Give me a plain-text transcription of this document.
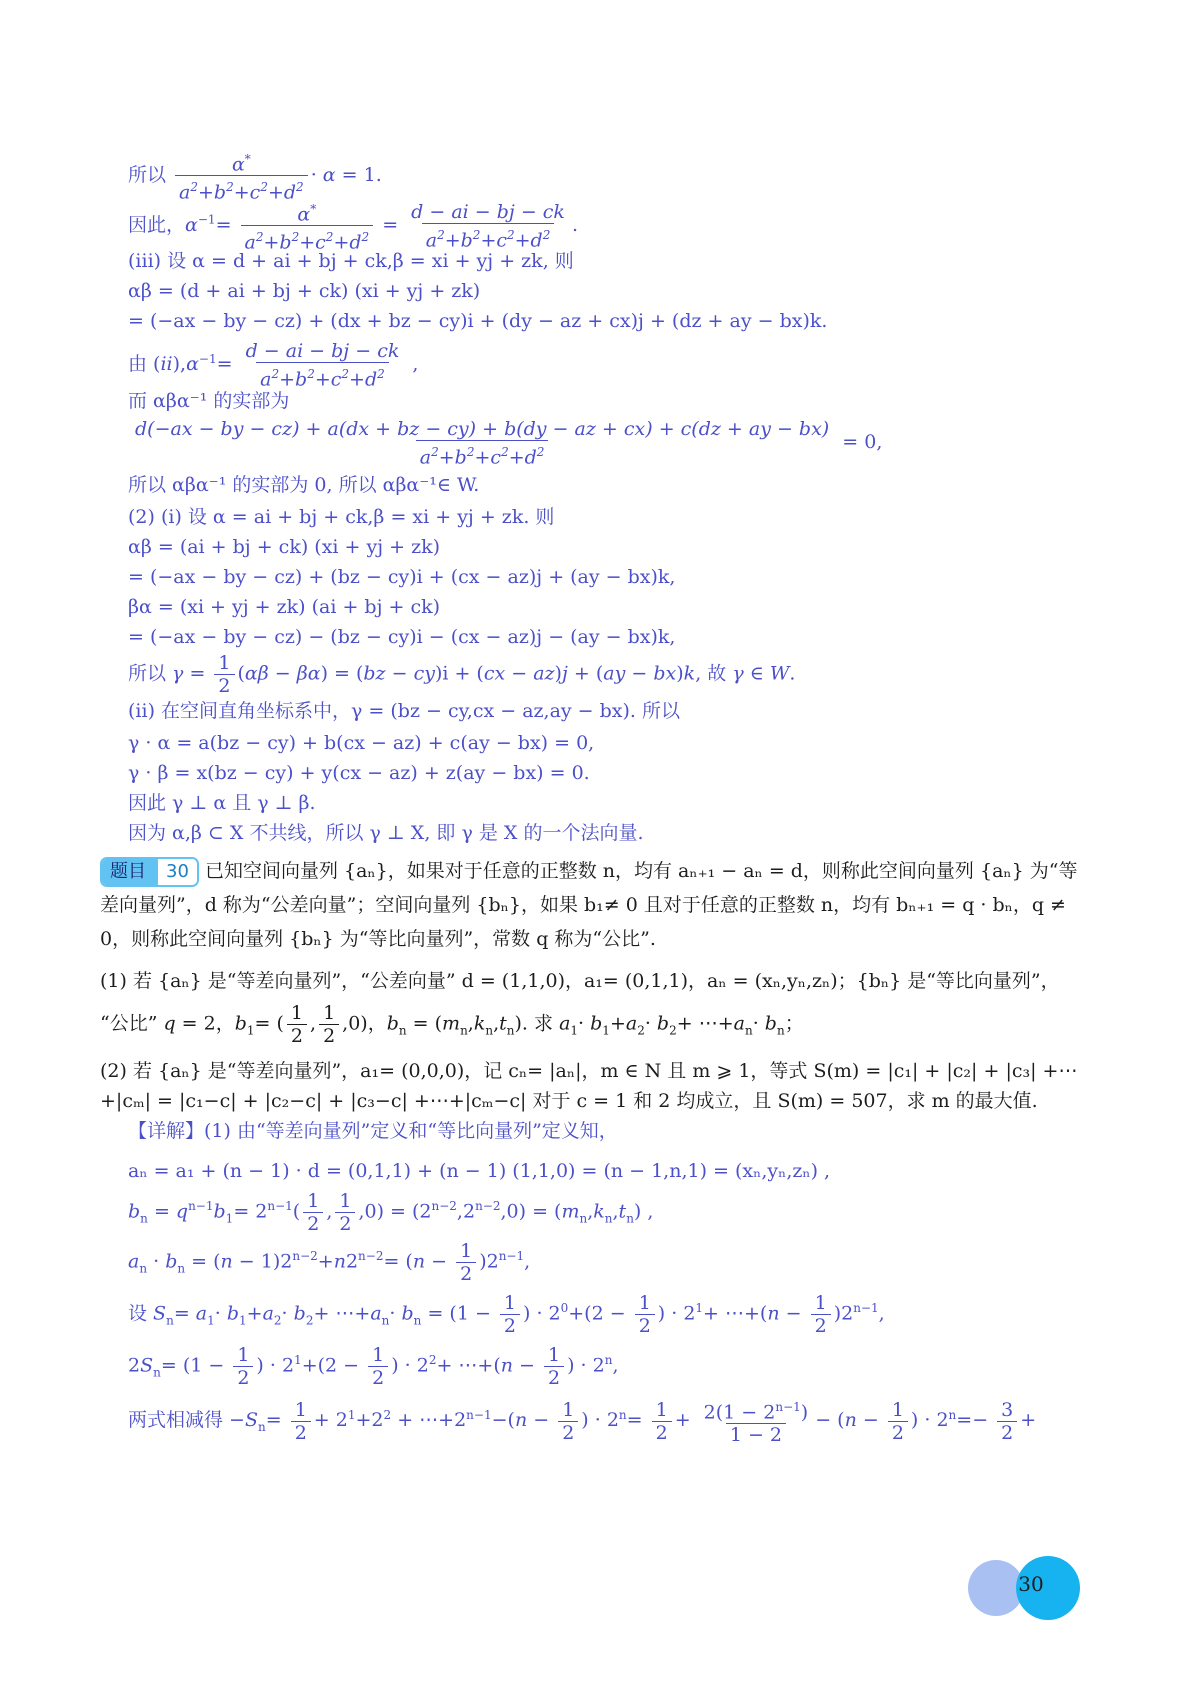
所以 $\frac{\alpha^*}{a^2+b^2+c^2+d^2} \cdot \alpha = 1$.
因此，$\alpha^{-1}= \frac{\alpha^*}{a^2+b^2+c^2+d^2} = \frac{d - ai - bj - ck}{a^2+b^2+c^2+d^2}$ .
(iii) 设 α = d + ai + bj + ck,β = xi + yj + zk, 则
αβ = (d + ai + bj + ck) (xi + yj + zk)
= (−ax − by − cz) + (dx + bz − cy)i + (dy − az + cx)j + (dz + ay − bx)k.
由 $(ii),\alpha^{-1}= \frac{d - ai - bj - ck}{a^2+b^2+c^2+d^2}$ ,
而 αβα⁻¹ 的实部为
d(−ax − by − cz) + a(dx + bz − cy) + b(dy − az + cx) + c(dz + ay − bx)
$a^2+b^2+c^2+d^2$	= 0,
所以 αβα⁻¹ 的实部为 0, 所以 αβα⁻¹∈ W.
(2) (i) 设 α = ai + bj + ck,β = xi + yj + zk. 则
αβ = (ai + bj + ck) (xi + yj + zk)
= (−ax − by − cz) + (bz − cy)i + (cx − az)j + (ay − bx)k,
βα = (xi + yj + zk) (ai + bj + ck)
= (−ax − by − cz) − (bz − cy)i − (cx − az)j − (ay − bx)k,
所以 $\gamma = \frac{1}{2} (\alpha\beta - \beta\alpha) = (bz - cy)i + (cx - az)j + (ay - bx)k$, 故 γ ∈ W.
(ii) 在空间直角坐标系中，γ = (bz − cy,cx − az,ay − bx). 所以
γ · α = a(bz − cy) + b(cx − az) + c(ay − bx) = 0,
γ · β = x(bz − cy) + y(cx − az) + z(ay − bx) = 0.
因此 γ ⊥ α 且 γ ⊥ β.
因为 α,β ⊂ X 不共线，所以 γ ⊥ X, 即 γ 是 X 的一个法向量.
题目	30 已知空间向量列 {aₙ}，如果对于任意的正整数 n，均有 aₙ₊₁ − aₙ = d，则称此空间向量列 {aₙ} 为“等
差向量列”，d 称为“公差向量”；空间向量列 {bₙ}，如果 b₁≠ 0 且对于任意的正整数 n，均有 bₙ₊₁ = q · bₙ，q ≠
0，则称此空间向量列 {bₙ} 为“等比向量列”，常数 q 称为“公比”.
(1) 若 {aₙ} 是“等差向量列”，“公差向量” d = (1,1,0)，a₁= (0,1,1)，aₙ = (xₙ,yₙ,zₙ)；{bₙ} 是“等比向量列”，
“公比” q = 2，$b_1=$ ( $\frac{1}{2}$ , $\frac{1}{2} ,0$)，$b_n = (m_n,k_n,t_n)$. 求 $a_1\cdot b_1+a_2\cdot b_2+$ $\cdots+a_n\cdot b_n$；
(2) 若 {aₙ} 是“等差向量列”，a₁= (0,0,0)，记 cₙ= |aₙ|，m ∈ N 且 m ⩾ 1，等式 S(m) = |c₁| + |c₂| + |c₃| +⋯
+|cₘ| = |c₁−c| + |c₂−c| + |c₃−c| +⋯+|cₘ−c| 对于 c = 1 和 2 均成立，且 S(m) = 507，求 m 的最大值.
【详解】(1) 由“等差向量列”定义和“等比向量列”定义知，
aₙ = a₁ + (n − 1) · d = (0,1,1) + (n − 1) (1,1,0) = (n − 1,n,1) = (xₙ,yₙ,zₙ) ,
$b_n = q^{n-1}b_1= 2^{n-1}( \frac{1}{2}$ , $\frac{1}{2} ,0) = (2^{n-2},2^{n-2},0) = (m_n,k_n,t_n)$ ,
$a_n \cdot b_n = (n - 1)2^{n-2}+n2^{n-2}= (n - \frac{1}{2} )2^{n-1}$,
设 $S_n= a_1\cdot b_1+a_2\cdot b_2+$ $\cdots+a_n\cdot b_n = (1 - \frac{1}{2}$ ) · $2^0+(2 - \frac{1}{2}$ ) · $2^1+$ ⋯+(n − $\frac{1}{2} )2^{n-1}$,
$2S_n= (1 - \frac{1}{2}$ ) · $2^1+(2 - \frac{1}{2}$ ) · $2^2+$ ⋯+(n − $\frac{1}{2}$ ) · $2^n$,
两式相减得 $-S_n= \frac{1}{2} + 2^1+2^2$ + $\cdots+2^{n-1}-(n - \frac{1}{2}$ ) · $2^n= \frac{1}{2} + \frac{2(1 - 2^{n-1})}{1 - 2} - (n - \frac{1}{2}$ ) · $2^n=- \frac{3}{2}$ +
30
